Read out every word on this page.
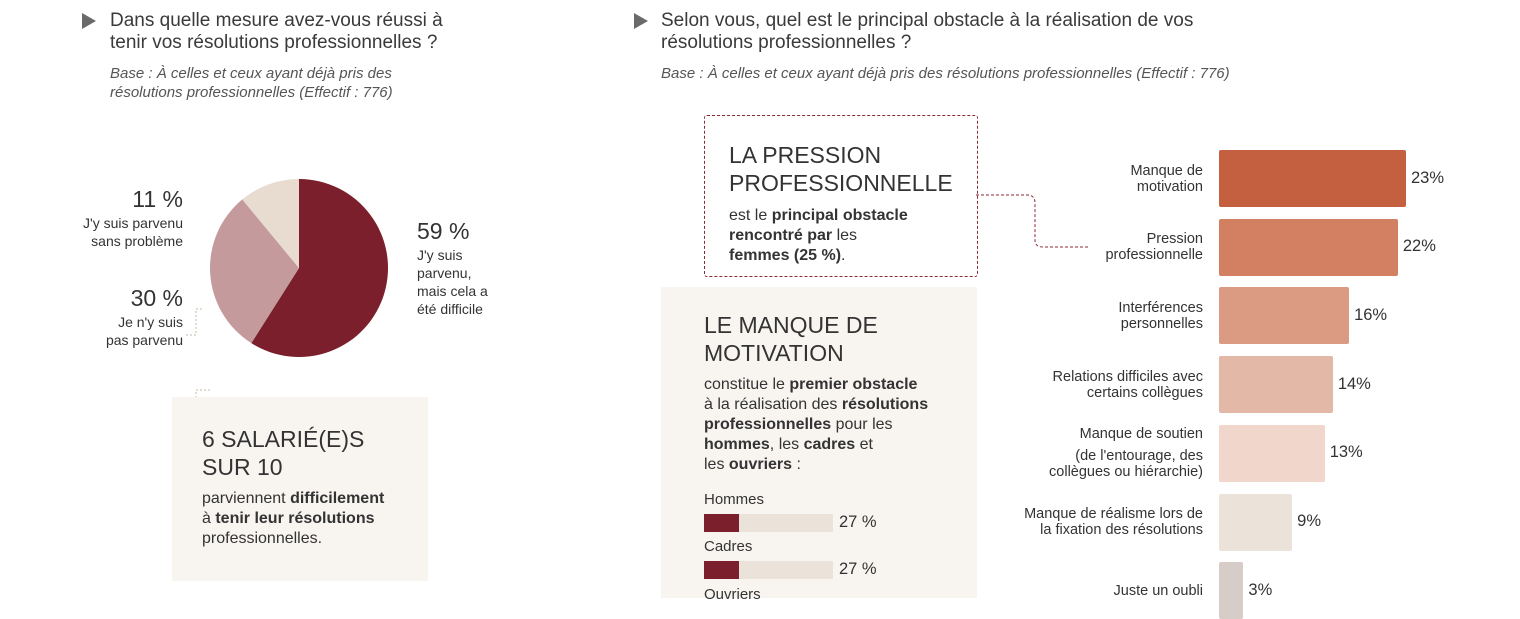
Dans quelle mesure avez-vous réussi à
tenir vos résolutions professionnelles ?
Base : À celles et ceux ayant déjà pris des
résolutions professionnelles (Effectif : 776)
11 %
J'y suis parvenu
sans problème
30 %
Je n'y suis
pas parvenu
59 %
J'y suis
parvenu,
mais cela a
été difficile
6 SALARIÉ(E)S
SUR 10
parviennent difficilement
à tenir leur résolutions
professionnelles.
Selon vous, quel est le principal obstacle à la réalisation de vos
résolutions professionnelles ?
Base : À celles et ceux ayant déjà pris des résolutions professionnelles (Effectif : 776)
LA PRESSION
PROFESSIONNELLE
est le principal obstacle
rencontré par les
femmes (25 %).
LE MANQUE DE
MOTIVATION
constitue le premier obstacle
à la réalisation des résolutions
professionnelles pour les
hommes, les cadres et
les ouvriers :
Hommes
27 %
Cadres
27 %
Ouvriers
23%
Manque de
motivation
22%
Pression
professionnelle
16%
Interférences
personnelles
14%
Relations difficiles avec
certains collègues
13%
Manque de soutien
(de l'entourage, des
collègues ou hiérarchie)
9%
Manque de réalisme lors de
la fixation des résolutions
3%
Juste un oubli
